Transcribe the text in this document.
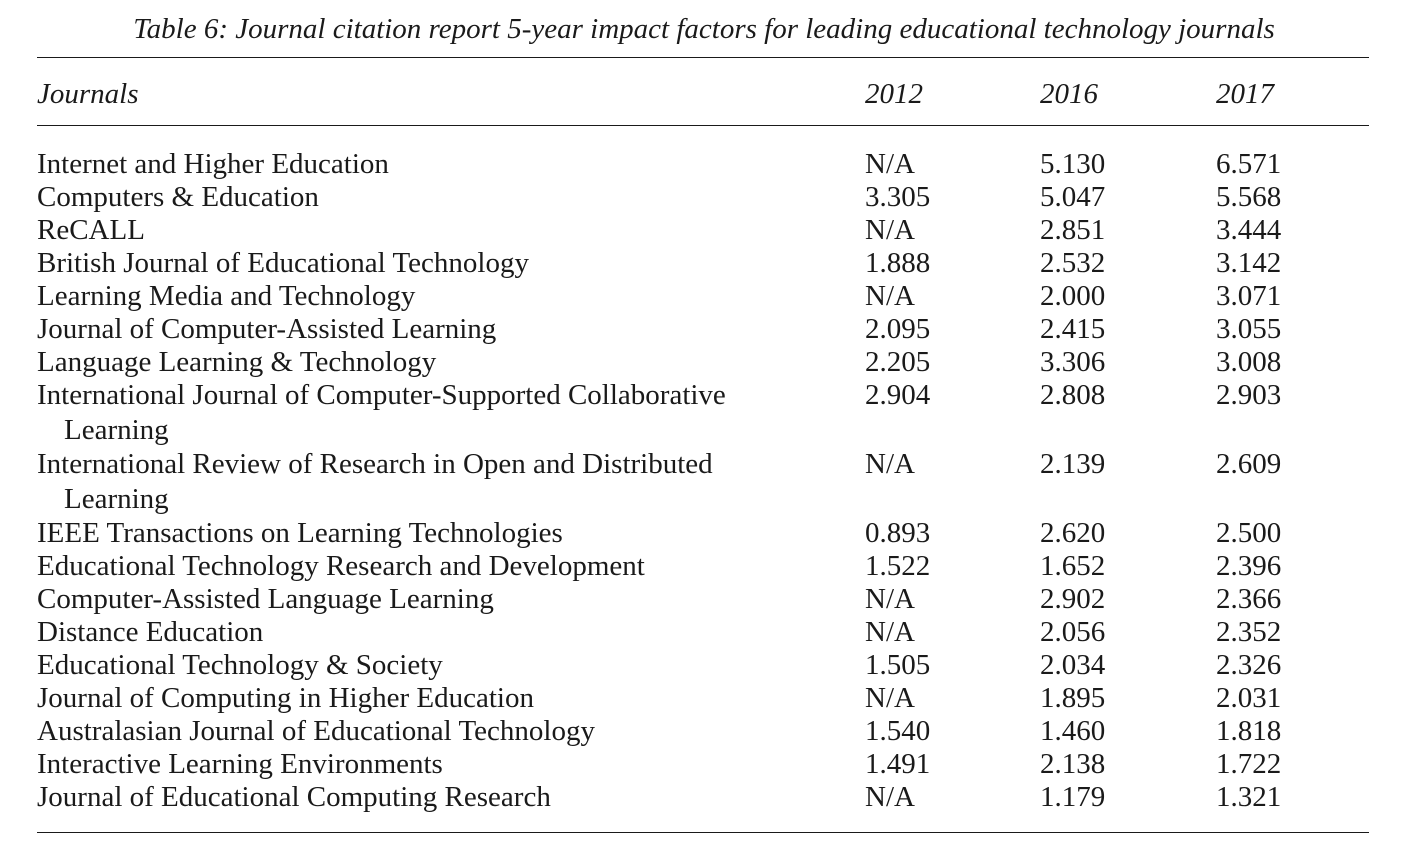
Table 6: Journal citation report 5-year impact factors for leading educational technology journals
Journals	2012	2016	2017
Internet and Higher Education	N/A	5.130	6.571
Computers & Education	3.305	5.047	5.568
ReCALL	N/A	2.851	3.444
British Journal of Educational Technology	1.888	2.532	3.142
Learning Media and Technology	N/A	2.000	3.071
Journal of Computer-Assisted Learning	2.095	2.415	3.055
Language Learning & Technology	2.205	3.306	3.008
International Journal of Computer-Supported Collaborative
Learning
2.904	2.808	2.903
International Review of Research in Open and Distributed
Learning
N/A	2.139	2.609
IEEE Transactions on Learning Technologies	0.893	2.620	2.500
Educational Technology Research and Development	1.522	1.652	2.396
Computer-Assisted Language Learning	N/A	2.902	2.366
Distance Education	N/A	2.056	2.352
Educational Technology & Society	1.505	2.034	2.326
Journal of Computing in Higher Education	N/A	1.895	2.031
Australasian Journal of Educational Technology	1.540	1.460	1.818
Interactive Learning Environments	1.491	2.138	1.722
Journal of Educational Computing Research	N/A	1.179	1.321
